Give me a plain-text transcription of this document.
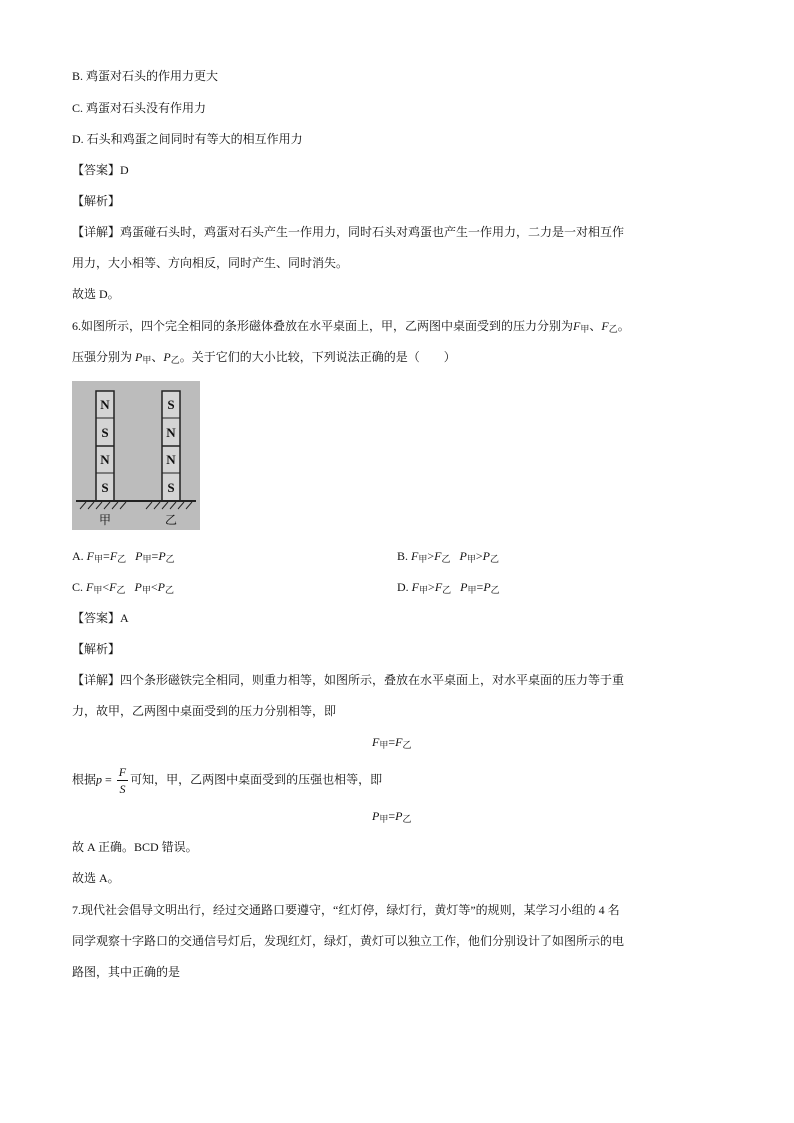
B. 鸡蛋对石头的作用力更大
C. 鸡蛋对石头没有作用力
D. 石头和鸡蛋之间同时有等大的相互作用力
【答案】D
【解析】
【详解】鸡蛋碰石头时，鸡蛋对石头产生一作用力，同时石头对鸡蛋也产生一作用力，二力是一对相互作
用力，大小相等、方向相反，同时产生、同时消失。
故选 D。
6.如图所示，四个完全相同的条形磁体叠放在水平桌面上，甲，乙两图中桌面受到的压力分别为$F_甲$、$F_乙$。
压强分别为 $P_甲$、$P_乙$。关于它们的大小比较，下列说法正确的是（　　）
N
S
N
S
S
N
N
S
甲	乙
A. $F_甲=F_乙$ $P_甲=P_乙$	B. $F_甲>F_乙$ $P_甲>P_乙$
C. $F_甲<F_乙$ $P_甲<P_乙$	D. $F_甲>F_乙$ $P_甲=P_乙$
【答案】A
【解析】
【详解】四个条形磁铁完全相同，则重力相等，如图所示，叠放在水平桌面上，对水平桌面的压力等于重
力，故甲，乙两图中桌面受到的压力分别相等，即
$F_甲=F_乙$
根据$p = \frac{F}{S}$ 可知，甲，乙两图中桌面受到的压强也相等，即
$P_甲=P_乙$
故 A 正确。BCD 错误。
故选 A。
7.现代社会倡导文明出行，经过交通路口要遵守，“红灯停，绿灯行，黄灯等”的规则，某学习小组的 4 名
同学观察十字路口的交通信号灯后，发现红灯，绿灯，黄灯可以独立工作，他们分别设计了如图所示的电
路图，其中正确的是
